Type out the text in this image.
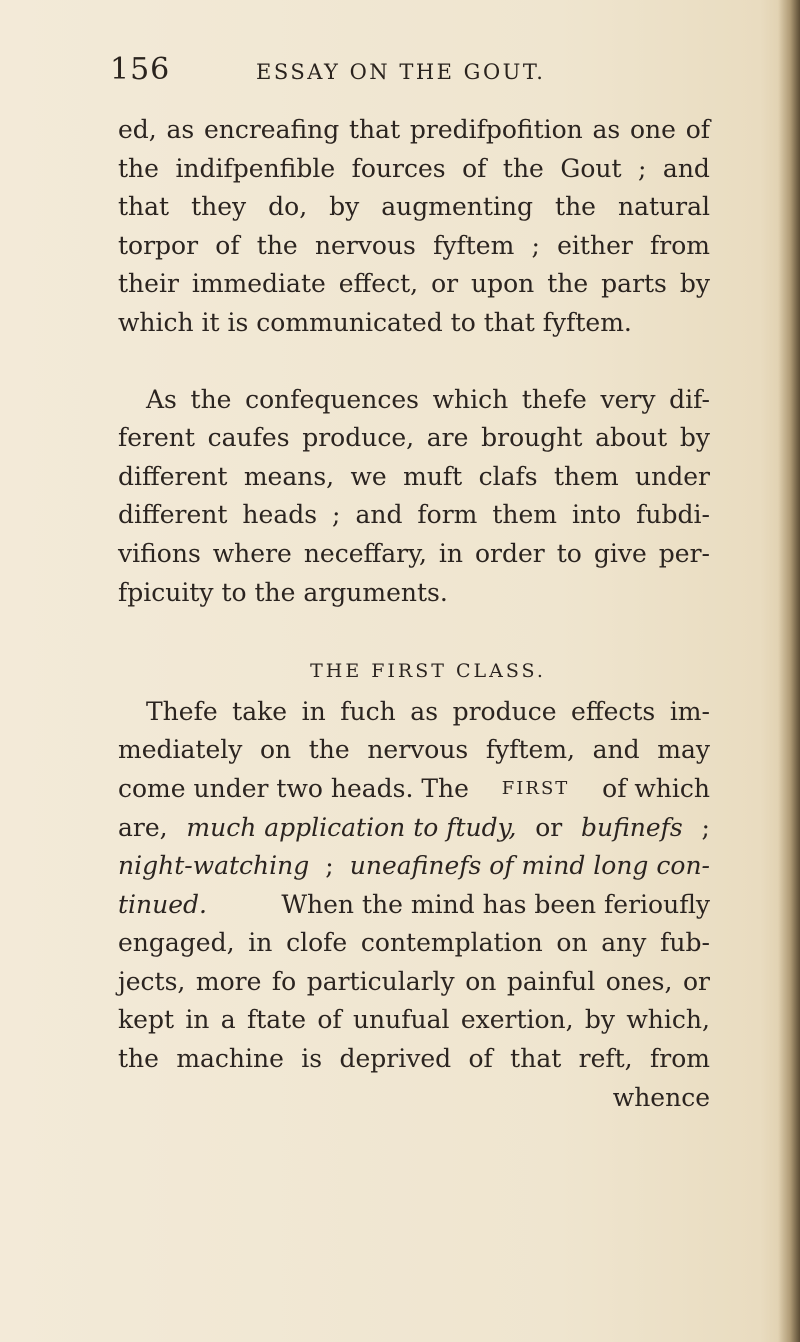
156	ESSAY ON THE GOUT.
ed, as encreafing that predifpofition as one of
the indifpenfible fources of the Gout ; and
that they do, by augmenting the natural
torpor of the nervous fyftem ; either from
their immediate effect, or upon the parts by
which it is communicated to that fyftem.
As the confequences which thefe very dif-
ferent caufes produce, are brought about by
different means, we muft clafs them under
different heads ; and form them into fubdi-
vifions where neceffary, in order to give per-
fpicuity to the arguments.
THE FIRST CLASS.
Thefe take in fuch as produce effects im-
mediately on the nervous fyftem, and may
come under two heads. The FIRST of which
are, much application to ftudy, or bufinefs ;
night-watching ; uneafinefs of mind long con-
tinued.	When the mind has been ferioufly
engaged, in clofe contemplation on any fub-
jects, more fo particularly on painful ones, or
kept in a ftate of unufual exertion, by which,
the machine is deprived of that reft, from
whence
